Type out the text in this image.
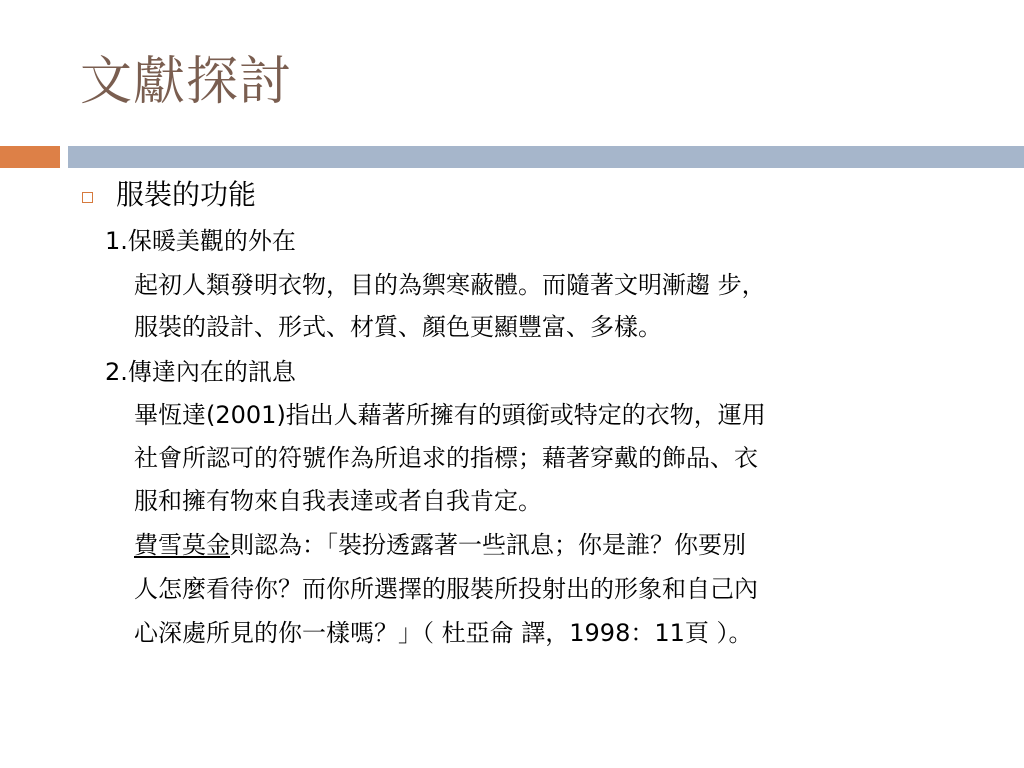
文獻探討
服裝的功能
1.保暖美觀的外在
起初人類發明衣物，目的為禦寒蔽體。而隨著文明漸趨 步，
服裝的設計、形式、材質、顏色更顯豐富、多樣。
2.傳達內在的訊息
畢恆達(2001)指出人藉著所擁有的頭銜或特定的衣物，運用
社會所認可的符號作為所追求的指標；藉著穿戴的飾品、衣
服和擁有物來自我表達或者自我肯定。
費雪莫金則認為：「裝扮透露著一些訊息；你是誰？你要別
人怎麼看待你？而你所選擇的服裝所投射出的形象和自己內
心深處所見的你一樣嗎？」（ 杜亞侖 譯，1998：11頁 ）。
